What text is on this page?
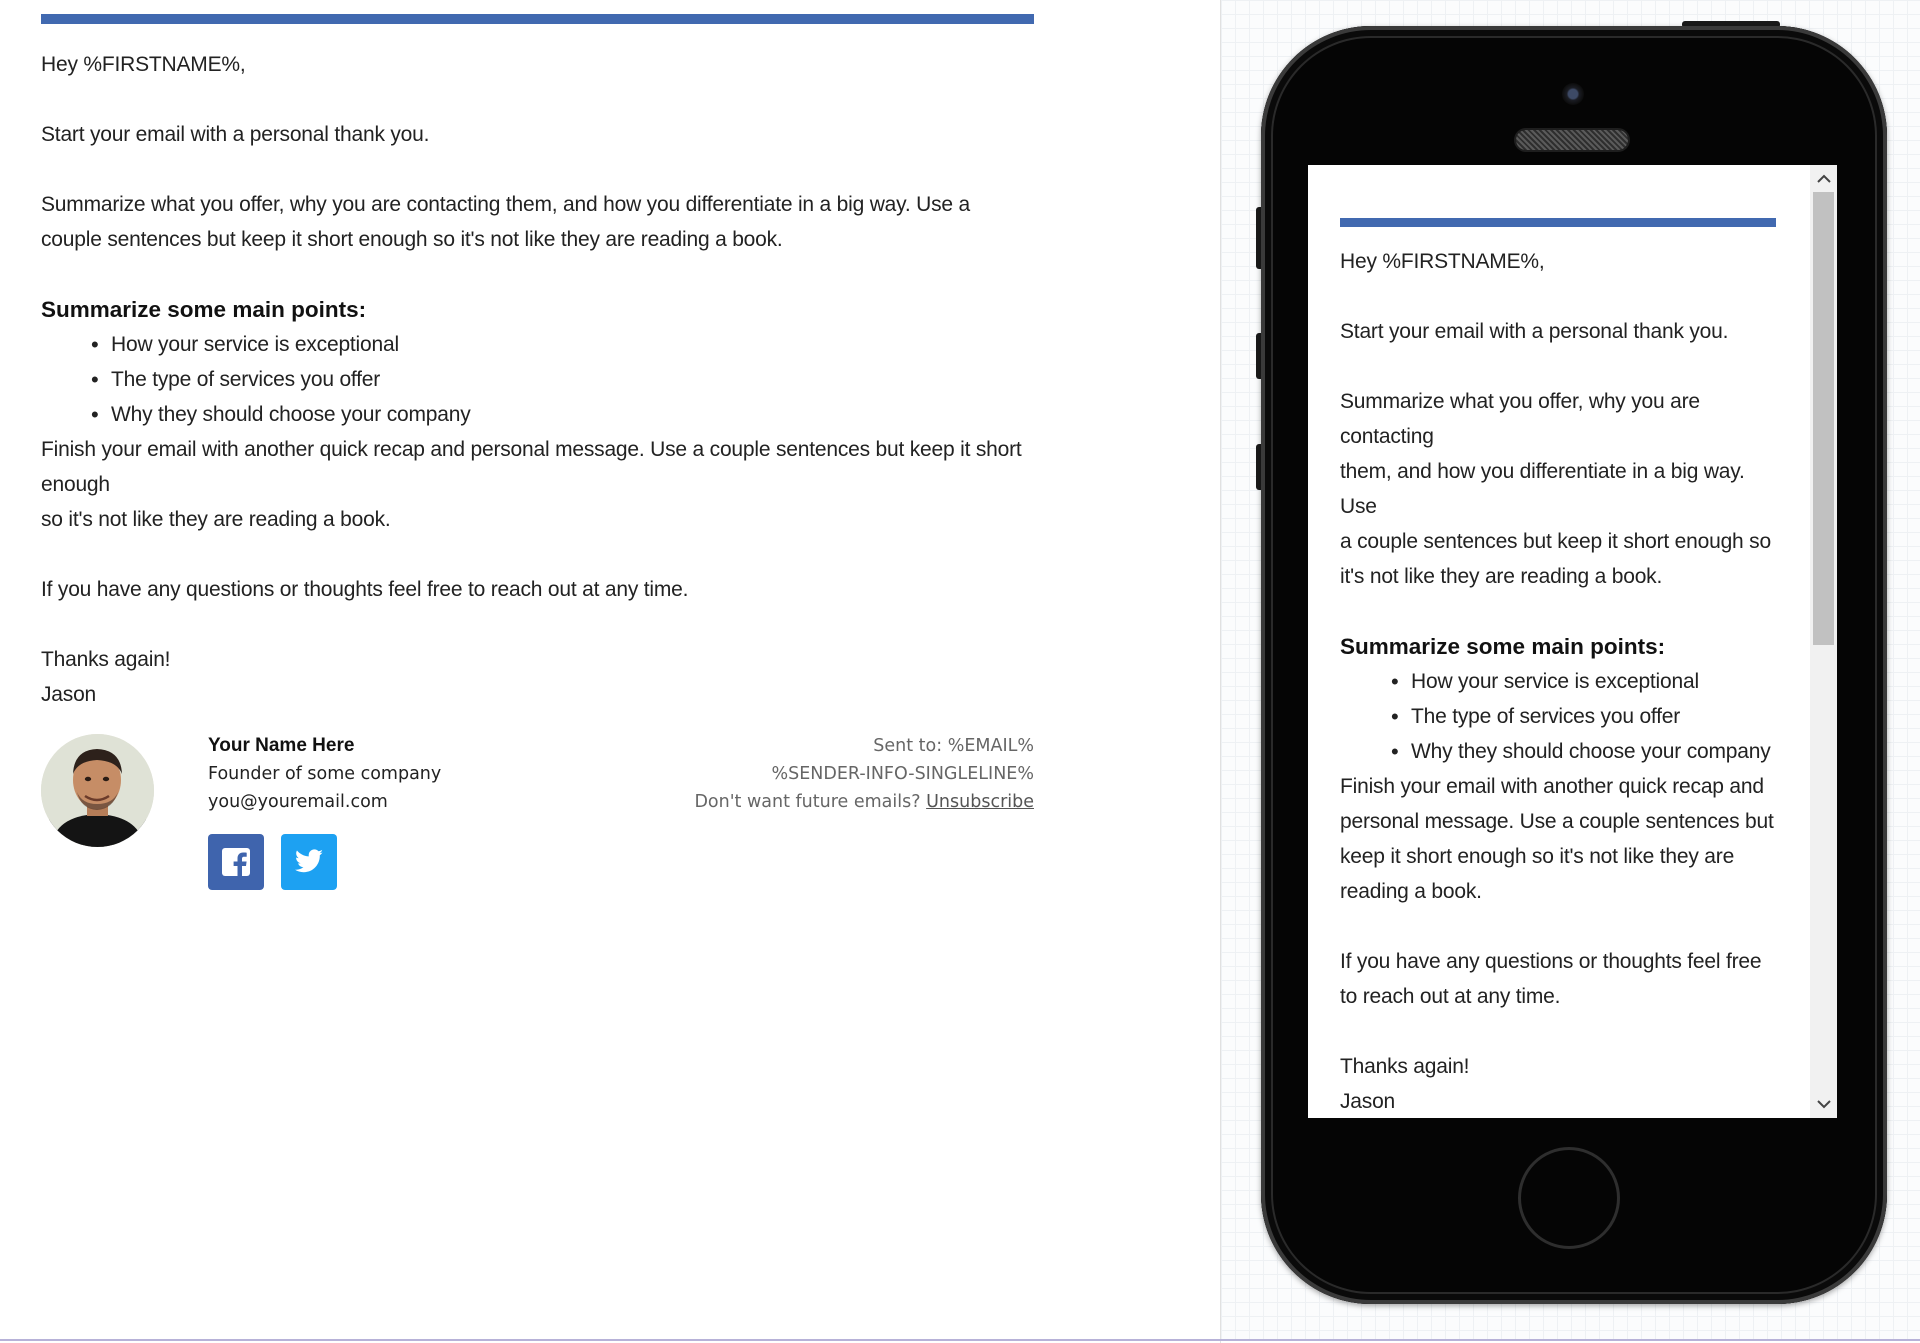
Hey %FIRSTNAME%,

Start your email with a personal thank you.

Summarize what you offer, why you are contacting them, and how you differentiate in a big way. Use a

couple sentences but keep it short enough so it's not like they are reading a book.

Summarize some main points:
• How your service is exceptional
• The type of services you offer
• Why they should choose your company

Finish your email with another quick recap and personal message. Use a couple sentences but keep it short enough

so it's not like they are reading a book.

If you have any questions or thoughts feel free to reach out at any time.

Thanks again!

Jason

Your Name Here
Founder of some company
you@youremail.com
Sent to: %EMAIL%
%SENDER-INFO-SINGLELINE%
Don't want future emails? Unsubscribe

Hey %FIRSTNAME%,

Start your email with a personal thank you.

Summarize what you offer, why you are contacting

them, and how you differentiate in a big way. Use

a couple sentences but keep it short enough so

it's not like they are reading a book.

Summarize some main points:
• How your service is exceptional
• The type of services you offer
• Why they should choose your company

Finish your email with another quick recap and

personal message. Use a couple sentences but

keep it short enough so it's not like they are

reading a book.

If you have any questions or thoughts feel free

to reach out at any time.

Thanks again!

Jason
